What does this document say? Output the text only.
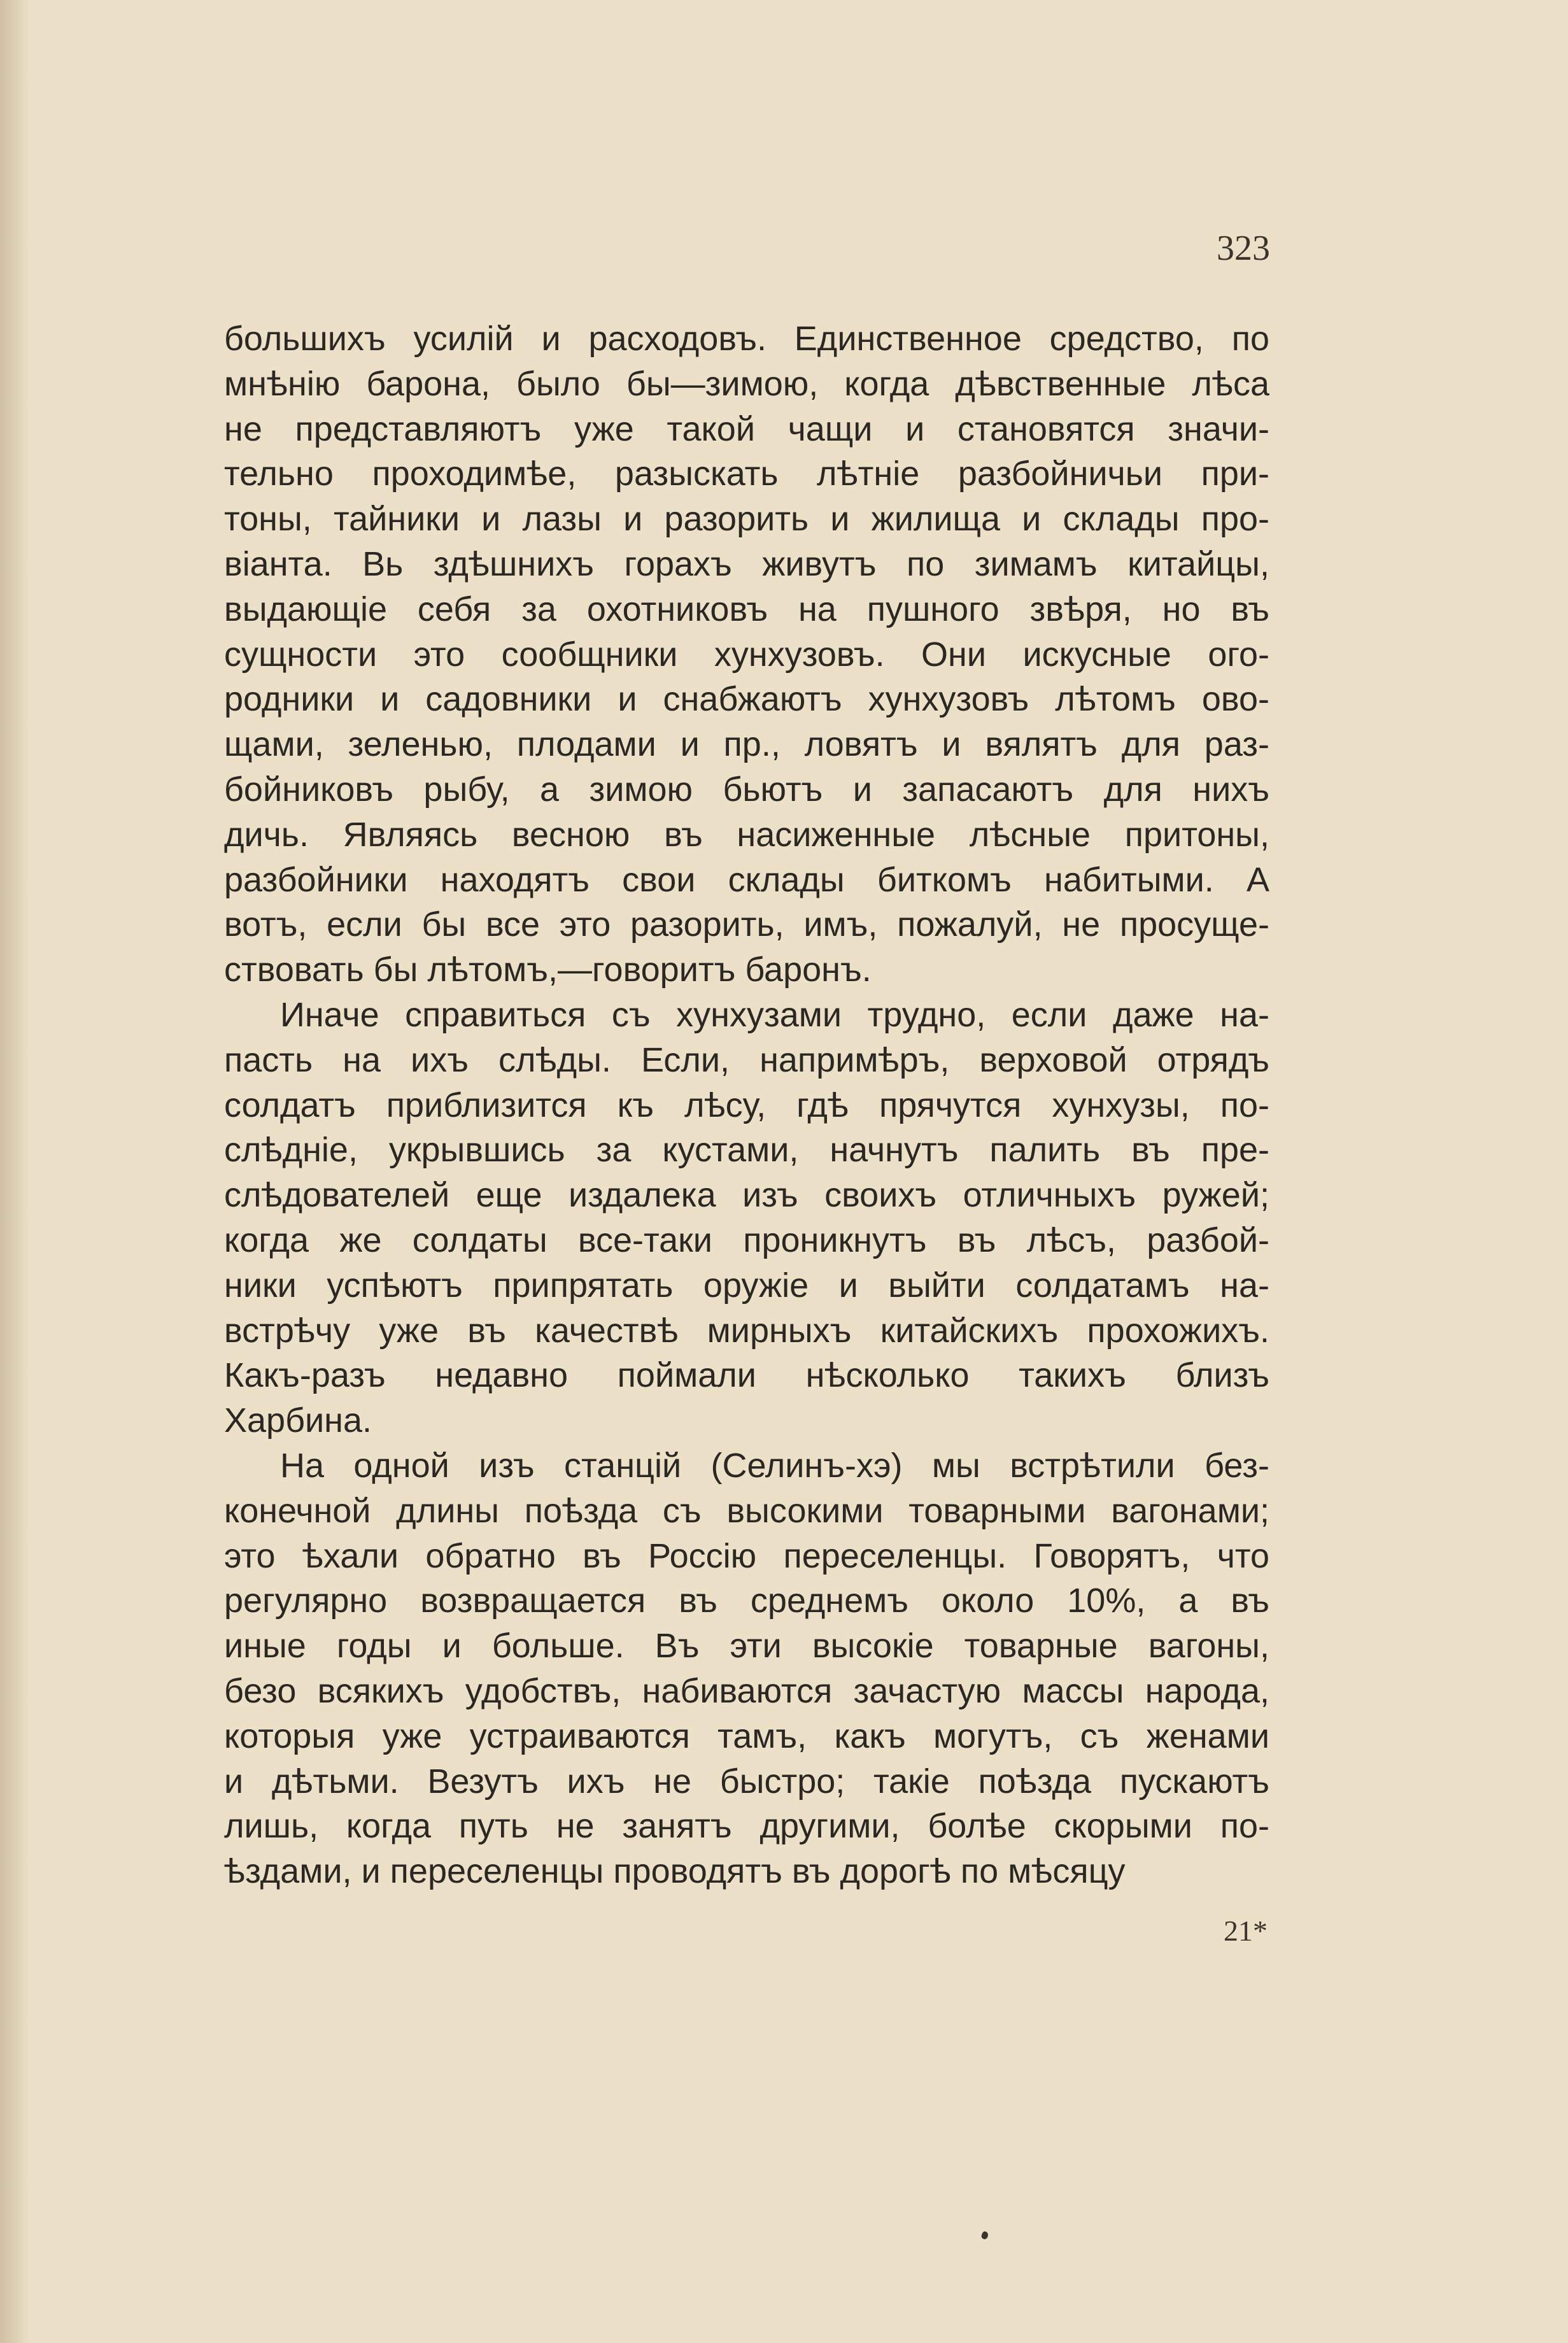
323
большихъ усилій и расходовъ. Единственное средство, по
мнѣнію барона, было бы—зимою, когда дѣвственные лѣса
не представляютъ уже такой чащи и становятся значи-
тельно проходимѣе, разыскать лѣтніе разбойничьи при-
тоны, тайники и лазы и разорить и жилища и склады про-
віанта. Вь здѣшнихъ горахъ живутъ по зимамъ китайцы,
выдающіе себя за охотниковъ на пушного звѣря, но въ
сущности это сообщники хунхузовъ. Они искусные ого-
родники и садовники и снабжаютъ хунхузовъ лѣтомъ ово-
щами, зеленью, плодами и пр., ловятъ и вялятъ для раз-
бойниковъ рыбу, а зимою бьютъ и запасаютъ для нихъ
дичь. Являясь весною въ насиженные лѣсные притоны,
разбойники находятъ свои склады биткомъ набитыми. А
вотъ, если бы все это разорить, имъ, пожалуй, не просуще-
ствовать бы лѣтомъ,—говоритъ баронъ.
Иначе справиться съ хунхузами трудно, если даже на-
пасть на ихъ слѣды. Если, напримѣръ, верховой отрядъ
солдатъ приблизится къ лѣсу, гдѣ прячутся хунхузы, по-
слѣдніе, укрывшись за кустами, начнутъ палить въ пре-
слѣдователей еще издалека изъ своихъ отличныхъ ружей;
когда же солдаты все-таки проникнутъ въ лѣсъ, разбой-
ники успѣютъ припрятать оружіе и выйти солдатамъ на-
встрѣчу уже въ качествѣ мирныхъ китайскихъ прохожихъ.
Какъ-разъ недавно поймали нѣсколько такихъ близъ
Харбина.
На одной изъ станцій (Селинъ-хэ) мы встрѣтили без-
конечной длины поѣзда съ высокими товарными вагонами;
это ѣхали обратно въ Россію переселенцы. Говорятъ, что
регулярно возвращается въ среднемъ около 10%, а въ
иные годы и больше. Въ эти высокіе товарные вагоны,
безо всякихъ удобствъ, набиваются зачастую массы народа,
которыя уже устраиваются тамъ, какъ могутъ, съ женами
и дѣтьми. Везутъ ихъ не быстро; такіе поѣзда пускаютъ
лишь, когда путь не занятъ другими, болѣе скорыми по-
ѣздами, и переселенцы проводятъ въ дорогѣ по мѣсяцу
21*
